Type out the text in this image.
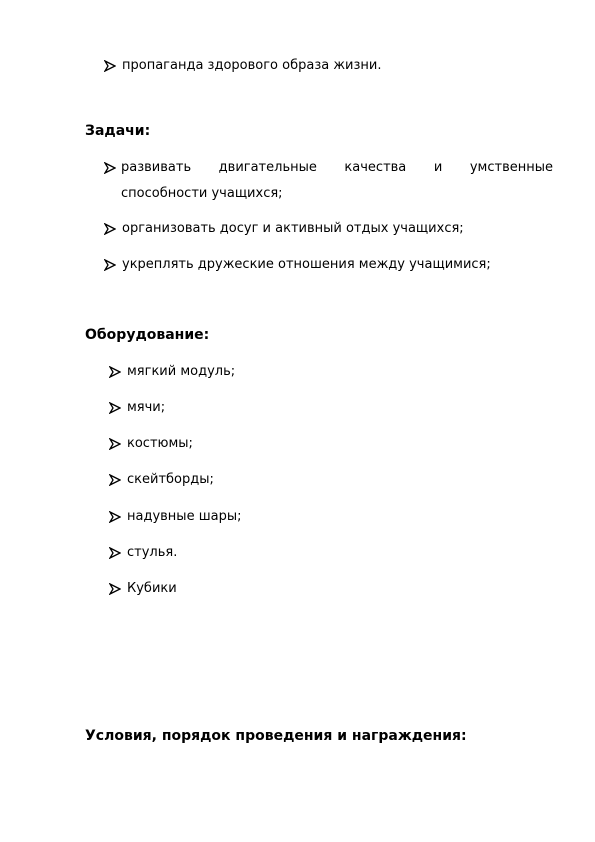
пропаганда здорового образа жизни.
Задачи:
развивать двигательные качества и умственные
способности учащихся;
организовать досуг и активный отдых учащихся;
укреплять дружеские отношения между учащимися;
Оборудование:
мягкий модуль;
мячи;
костюмы;
скейтборды;
надувные шары;
стулья.
Кубики
Условия, порядок проведения и награждения:
